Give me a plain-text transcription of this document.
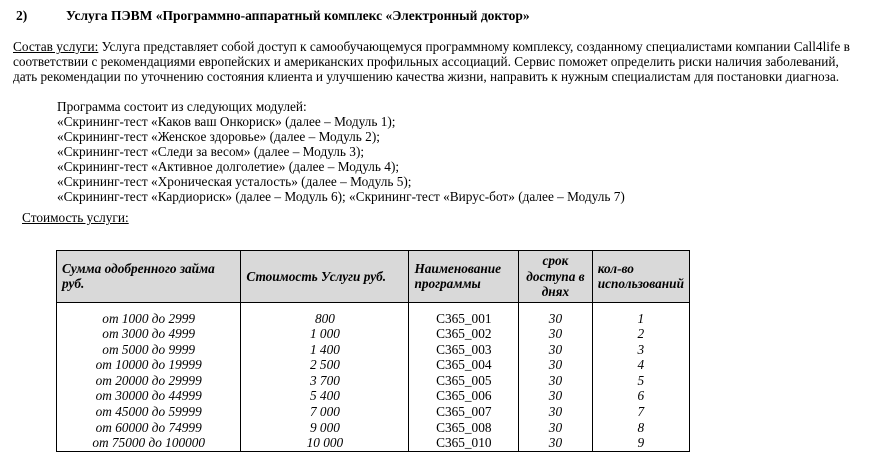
2)	Услуга ПЭВМ «Программно-аппаратный комплекс «Электронный доктор»
Состав услуги: Услуга представляет собой доступ к самообучающемуся программному комплексу, созданному специалистами компании Call4life в соответствии с рекомендациями европейских и американских профильных ассоциаций. Сервис поможет определить риски наличия заболеваний, дать рекомендации по уточнению состояния клиента и улучшению качества жизни, направить к нужным специалистам для постановки диагноза.
Программа состоит из следующих модулей:
«Скрининг-тест «Каков ваш Онкориск» (далее – Модуль 1);
«Скрининг-тест «Женское здоровье» (далее – Модуль 2);
«Скрининг-тест «Следи за весом» (далее – Модуль 3);
«Скрининг-тест «Активное долголетие» (далее – Модуль 4);
«Скрининг-тест «Хроническая усталость» (далее – Модуль 5);
«Скрининг-тест «Кардиориск» (далее – Модуль 6); «Скрининг-тест «Вирус-бот» (далее – Модуль 7)
Стоимость услуги:
Сумма одобренного займа руб.	Стоимость Услуги руб.	Наименование программы	срок доступа в днях	кол-во использований

от 1000 до 2999	800	C365_001	30	1
от 3000 до 4999	1 000	C365_002	30	2
от 5000 до 9999	1 400	C365_003	30	3
от 10000 до 19999	2 500	C365_004	30	4
от 20000 до 29999	3 700	C365_005	30	5
от 30000 до 44999	5 400	C365_006	30	6
от 45000 до 59999	7 000	C365_007	30	7
от 60000 до 74999	9 000	C365_008	30	8
от 75000 до 100000	10 000	C365_010	30	9
